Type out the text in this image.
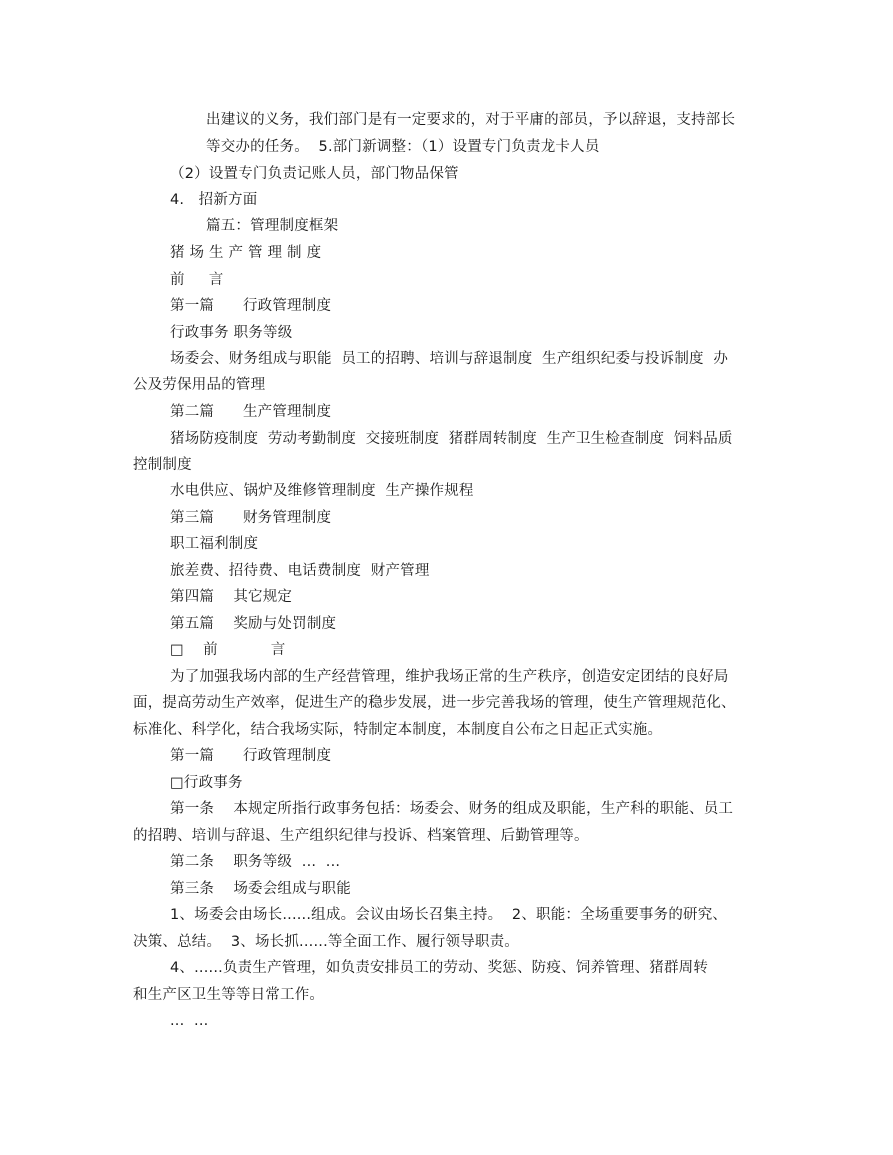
出建议的义务，我们部门是有一定要求的，对于平庸的部员，予以辞退，支持部长
等交办的任务。  5.部门新调整：（1）设置专门负责龙卡人员
（2）设置专门负责记账人员，部门物品保管
4.   招新方面
篇五：管理制度框架
猪 场 生 产 管 理 制 度
前     言
第一篇      行政管理制度
行政事务 职务等级
场委会、财务组成与职能  员工的招聘、培训与辞退制度  生产组织纪委与投诉制度  办
公及劳保用品的管理
第二篇      生产管理制度
猪场防疫制度  劳动考勤制度  交接班制度  猪群周转制度  生产卫生检查制度  饲料品质
控制制度
水电供应、锅炉及维修管理制度  生产操作规程
第三篇      财务管理制度
职工福利制度
旅差费、招待费、电话费制度  财产管理
第四篇    其它规定
第五篇    奖励与处罚制度
□    前           言
为了加强我场内部的生产经营管理，维护我场正常的生产秩序，创造安定团结的良好局
面，提高劳动生产效率，促进生产的稳步发展，进一步完善我场的管理，使生产管理规范化、
标准化、科学化，结合我场实际，特制定本制度，本制度自公布之日起正式实施。
第一篇      行政管理制度
□行政事务
第一条    本规定所指行政事务包括：场委会、财务的组成及职能，生产科的职能、员工
的招聘、培训与辞退、生产组织纪律与投诉、档案管理、后勤管理等。
第二条    职务等级  ...  ...
第三条    场委会组成与职能
1、场委会由场长......组成。会议由场长召集主持。  2、职能：全场重要事务的研究、
决策、总结。  3、场长抓......等全面工作、履行领导职责。
4、......负责生产管理，如负责安排员工的劳动、奖惩、防疫、饲养管理、猪群周转
和生产区卫生等等日常工作。
...  ...
